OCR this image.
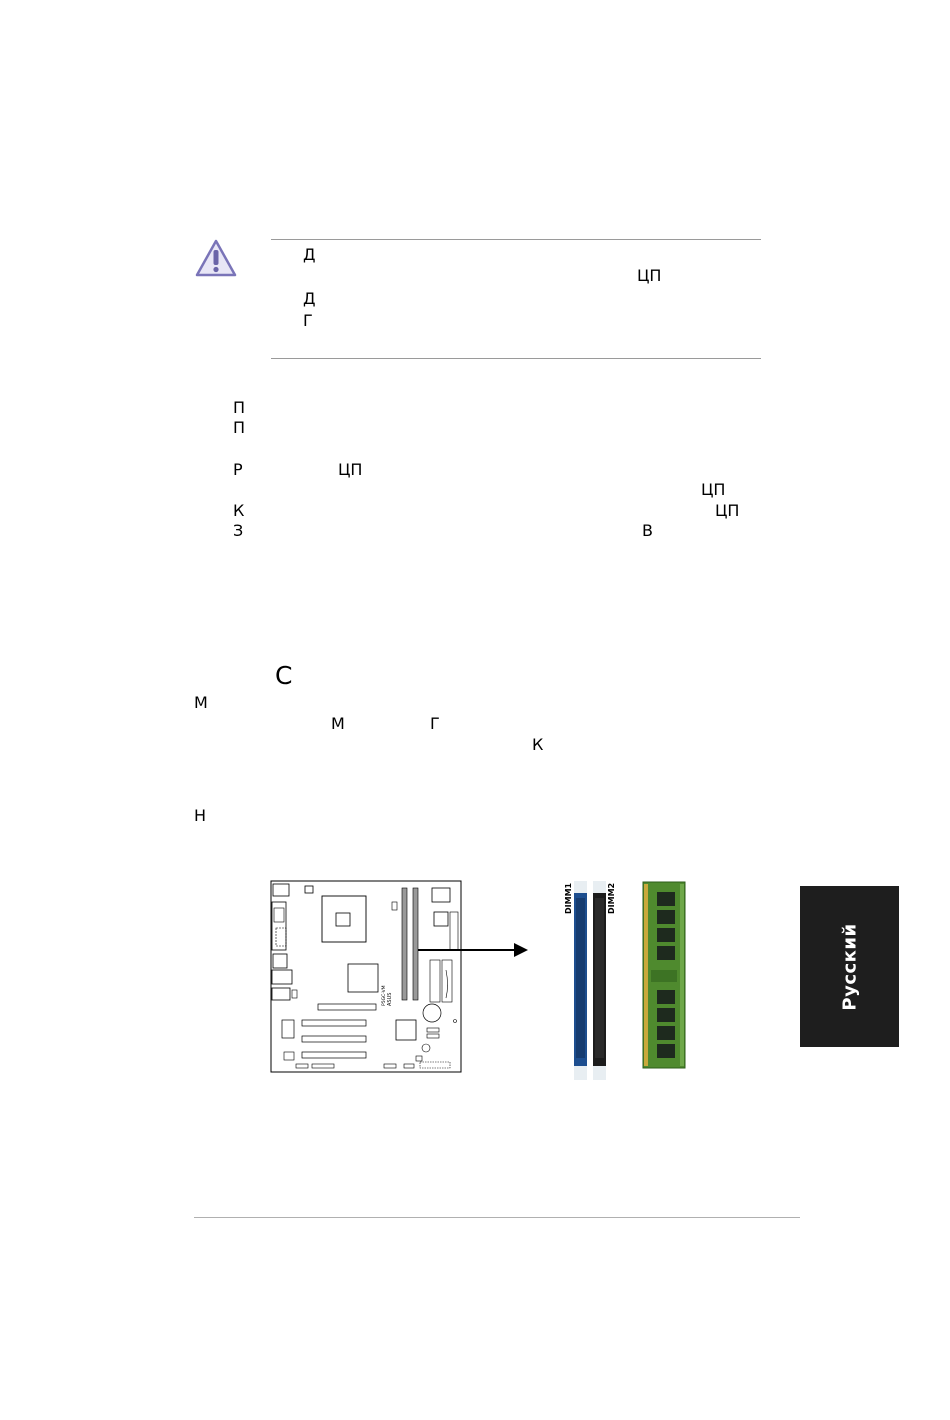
Д
ЦП
Д
Г
П
П
Р	ЦП
ЦП
К	ЦП
З	В
С
М
М	Г
К
Н
ASUS
P5GC-VM
DIMM1	DIMM2
Русский
